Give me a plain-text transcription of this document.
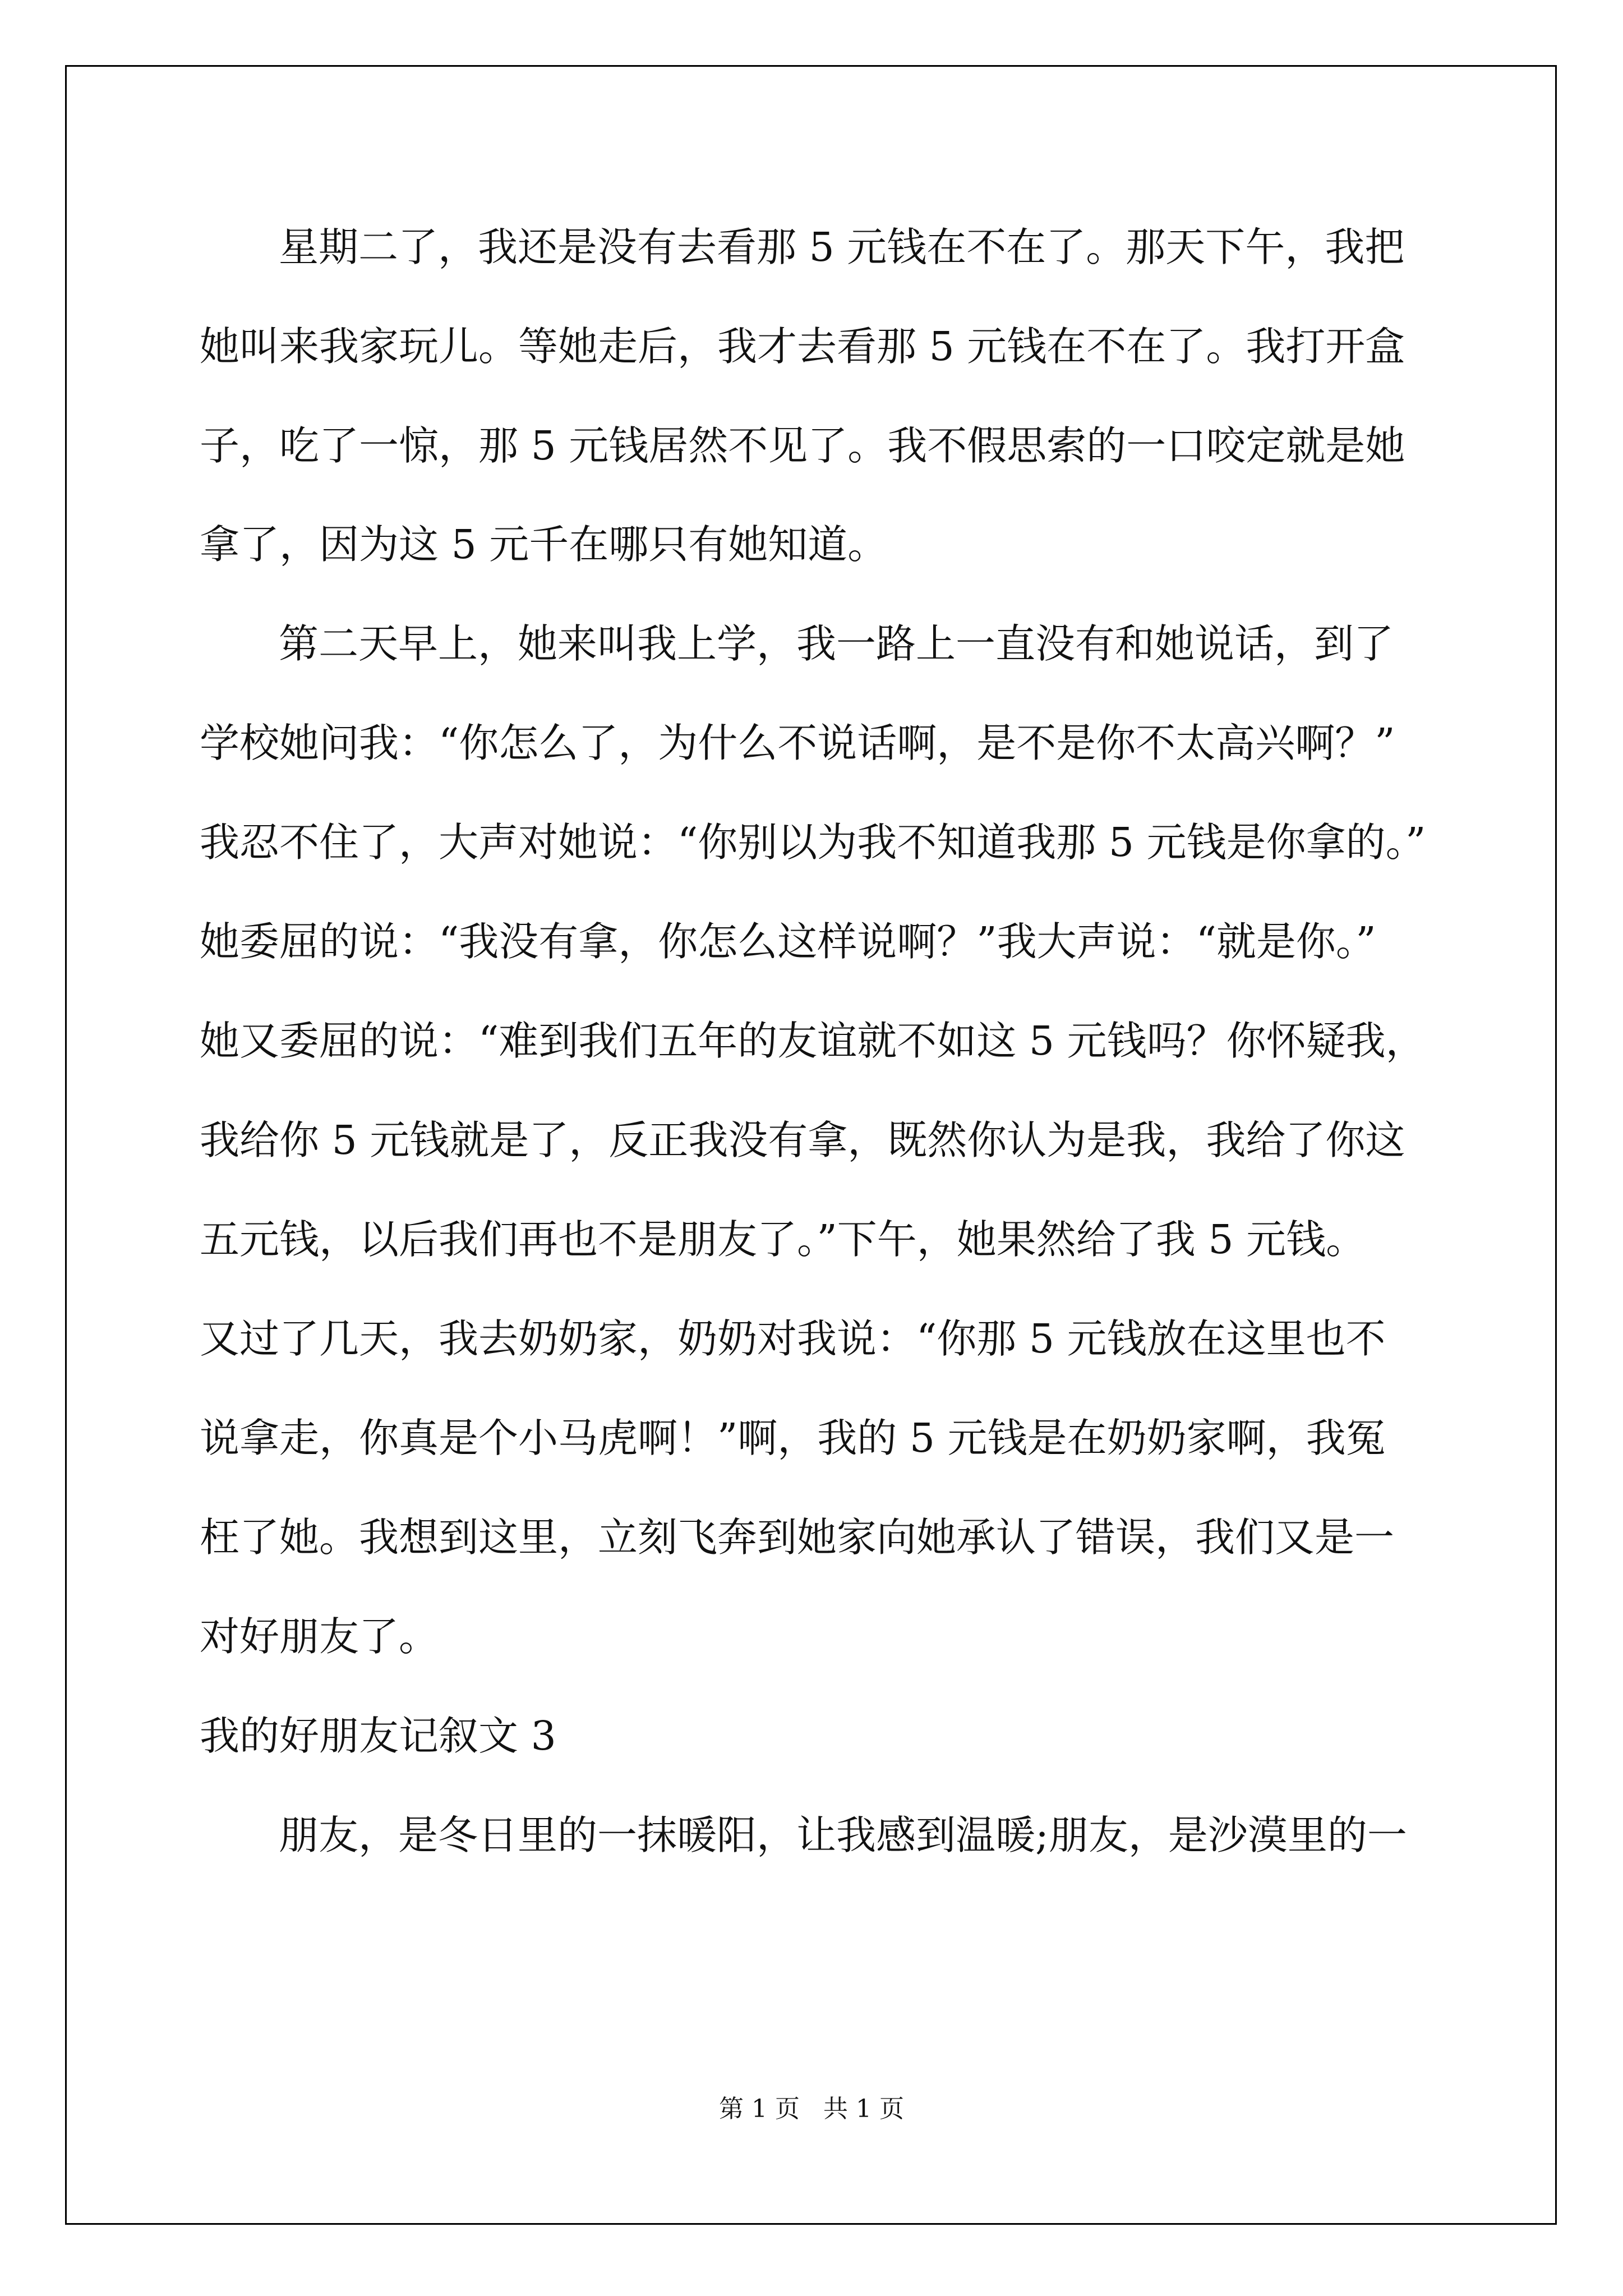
星期二了，我还是没有去看那 5 元钱在不在了。那天下午，我把
她叫来我家玩儿。等她走后，我才去看那 5 元钱在不在了。我打开盒
子，吃了一惊，那 5 元钱居然不见了。我不假思索的一口咬定就是她
拿了，因为这 5 元千在哪只有她知道。
第二天早上，她来叫我上学，我一路上一直没有和她说话，到了
学校她问我：“你怎么了，为什么不说话啊，是不是你不太高兴啊？”
我忍不住了，大声对她说：“你别以为我不知道我那 5 元钱是你拿的。”
她委屈的说：“我没有拿，你怎么这样说啊？”我大声说：“就是你。”
她又委屈的说：“难到我们五年的友谊就不如这 5 元钱吗？你怀疑我，
我给你 5 元钱就是了，反正我没有拿，既然你认为是我，我给了你这
五元钱，以后我们再也不是朋友了。”下午，她果然给了我 5 元钱。
又过了几天，我去奶奶家，奶奶对我说：“你那 5 元钱放在这里也不
说拿走，你真是个小马虎啊！”啊，我的 5 元钱是在奶奶家啊，我冤
枉了她。我想到这里，立刻飞奔到她家向她承认了错误，我们又是一
对好朋友了。
我的好朋友记叙文 3
朋友，是冬日里的一抹暖阳，让我感到温暖;朋友，是沙漠里的一
第 1 页   共 1 页
